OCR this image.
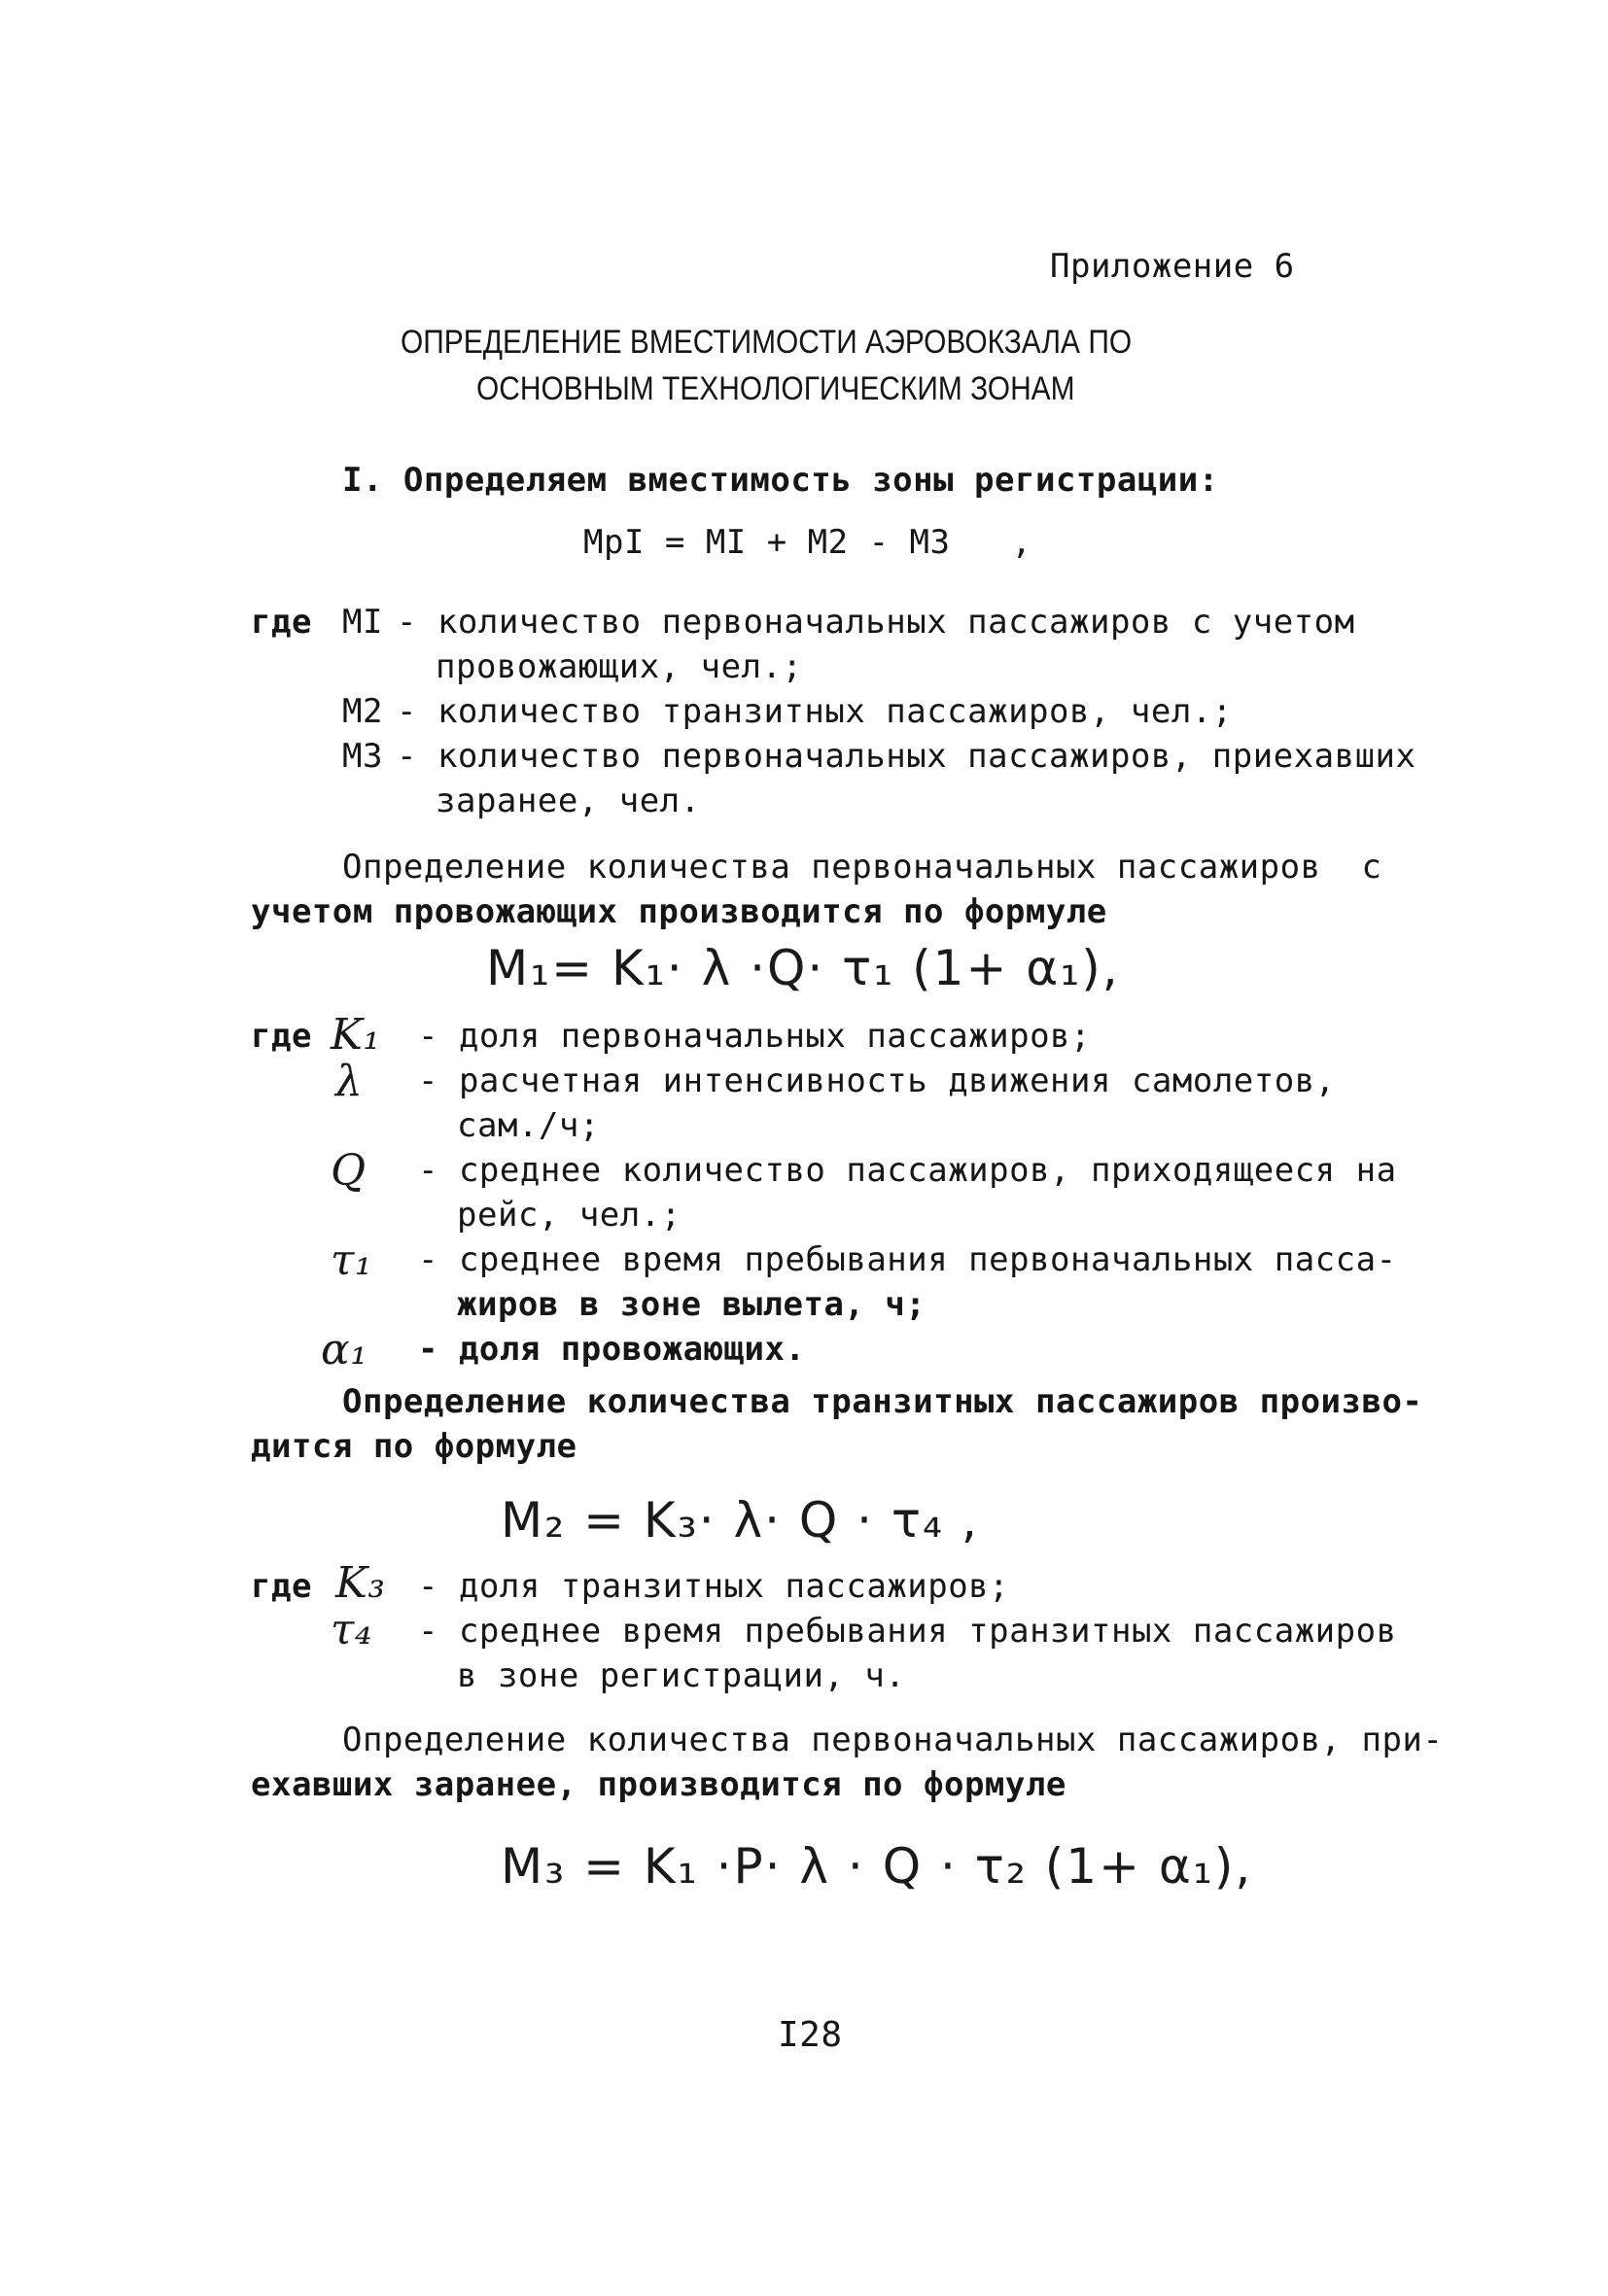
Приложение 6
ОПРЕДЕЛЕНИЕ ВМЕСТИМОСТИ АЭРОВОКЗАЛА ПО
ОСНОВНЫМ ТЕХНОЛОГИЧЕСКИМ ЗОНАМ
I. Определяем вместимость зоны регистрации:
MрI = MI + M2 - M3   ,
где MI - количество первоначальных пассажиров с учетом
провожающих, чел.;
M2 - количество транзитных пассажиров, чел.;
M3 - количество первоначальных пассажиров, приехавших
заранее, чел.
Определение количества первоначальных пассажиров  с
учетом провожающих производится по формуле
M₁= K₁· λ ·Q· τ₁ (1+ α₁),
где K₁ - доля первоначальных пассажиров;
λ - расчетная интенсивность движения самолетов,
сам./ч;
Q - среднее количество пассажиров, приходящееся на
рейс, чел.;
τ₁ - среднее время пребывания первоначальных пасса-
жиров в зоне вылета, ч;
α₁ - доля провожающих.
Определение количества транзитных пассажиров произво-
дится по формуле
M₂ = K₃· λ· Q · τ₄ ,
где K₃ - доля транзитных пассажиров;
τ₄ - среднее время пребывания транзитных пассажиров
в зоне регистрации, ч.
Определение количества первоначальных пассажиров, при-
ехавших заранее, производится по формуле
M₃ = K₁ ·P· λ · Q · τ₂ (1+ α₁),
I28
